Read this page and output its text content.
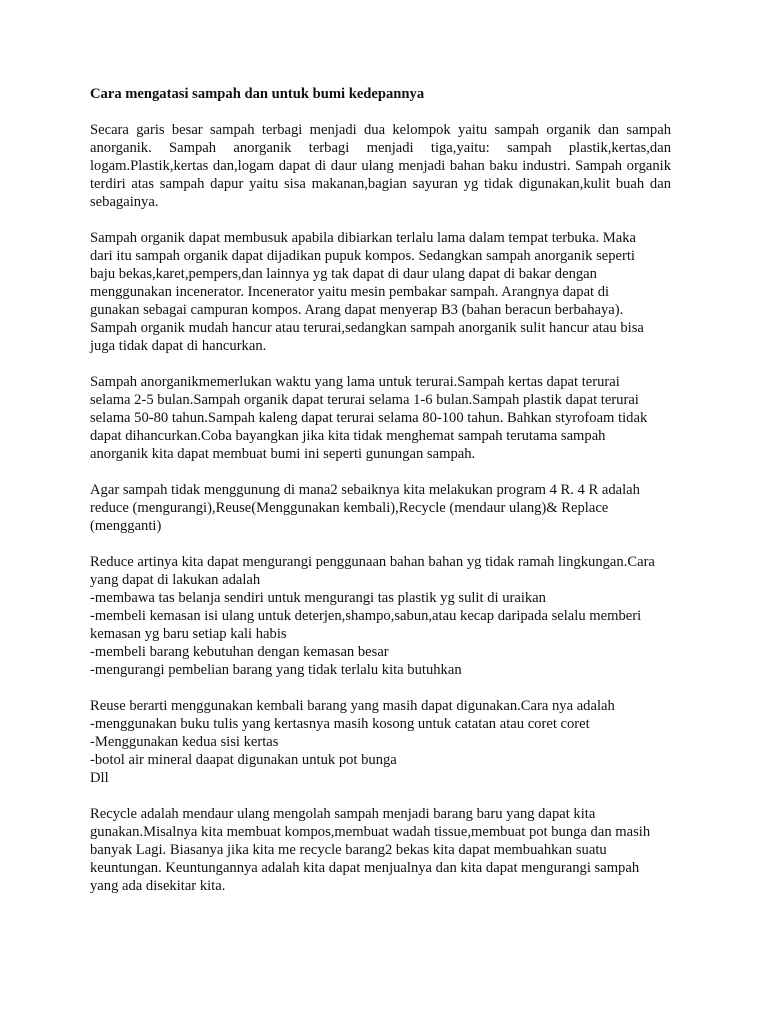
Cara mengatasi sampah dan untuk bumi kedepannya

Secara garis besar sampah terbagi menjadi dua kelompok yaitu sampah organik dan sampah anorganik. Sampah anorganik terbagi menjadi tiga,yaitu: sampah plastik,kertas,dan logam.Plastik,kertas dan,logam dapat di daur ulang menjadi bahan baku industri. Sampah organik terdiri atas sampah dapur yaitu sisa makanan,bagian sayuran yg tidak digunakan,kulit buah dan sebagainya.

Sampah organik dapat membusuk apabila dibiarkan terlalu lama dalam tempat terbuka. Maka
dari itu sampah organik dapat dijadikan pupuk kompos. Sedangkan sampah anorganik seperti
baju bekas,karet,pempers,dan lainnya yg tak dapat di daur ulang dapat di bakar dengan
menggunakan incenerator. Incenerator yaitu mesin pembakar sampah. Arangnya dapat di
gunakan sebagai campuran kompos. Arang dapat menyerap B3 (bahan beracun berbahaya).
Sampah organik mudah hancur atau terurai,sedangkan sampah anorganik sulit hancur atau bisa
juga tidak dapat di hancurkan.

Sampah anorganikmemerlukan waktu yang lama untuk terurai.Sampah kertas dapat terurai
selama 2-5 bulan.Sampah organik dapat terurai selama 1-6 bulan.Sampah plastik dapat terurai
selama 50-80 tahun.Sampah kaleng dapat terurai selama 80-100 tahun. Bahkan styrofoam tidak
dapat dihancurkan.Coba bayangkan jika kita tidak menghemat sampah terutama sampah
anorganik kita dapat membuat bumi ini seperti gunungan sampah.

Agar sampah tidak menggunung di mana2 sebaiknya kita melakukan program 4 R. 4 R adalah
reduce (mengurangi),Reuse(Menggunakan kembali),Recycle (mendaur ulang)& Replace
(mengganti)

Reduce artinya kita dapat mengurangi penggunaan bahan bahan yg tidak ramah lingkungan.Cara
yang dapat di lakukan adalah
-membawa tas belanja sendiri untuk mengurangi tas plastik yg sulit di uraikan
-membeli kemasan isi ulang untuk deterjen,shampo,sabun,atau kecap daripada selalu memberi
kemasan yg baru setiap kali habis
-membeli barang kebutuhan dengan kemasan besar
-mengurangi pembelian barang yang tidak terlalu kita butuhkan

Reuse berarti menggunakan kembali barang yang masih dapat digunakan.Cara nya adalah
-menggunakan buku tulis yang kertasnya masih kosong untuk catatan atau coret coret
-Menggunakan kedua sisi kertas
-botol air mineral daapat digunakan untuk pot bunga
Dll

Recycle adalah mendaur ulang mengolah sampah menjadi barang baru yang dapat kita
gunakan.Misalnya kita membuat kompos,membuat wadah tissue,membuat pot bunga dan masih
banyak Lagi. Biasanya jika kita me recycle barang2 bekas kita dapat membuahkan suatu
keuntungan. Keuntungannya adalah kita dapat menjualnya dan kita dapat mengurangi sampah
yang ada disekitar kita.
